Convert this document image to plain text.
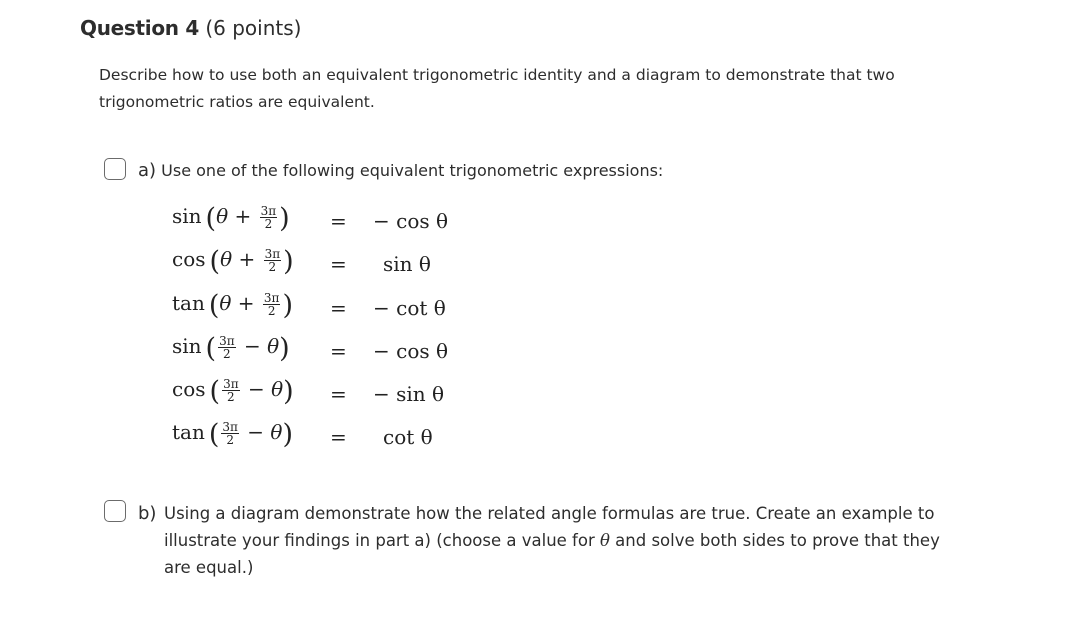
Question 4 (6 points)
Describe how to use both an equivalent trigonometric identity and a diagram to demonstrate that two trigonometric ratios are equivalent.
a) Use one of the following equivalent trigonometric expressions:
$\sin (\theta + \frac{3\pi}{2}$ ) = − cos θ
$\cos (\theta + \frac{3\pi}{2}$ ) = sin θ
$\tan (\theta + \frac{3\pi}{2}$ ) = − cot θ
sin  ( $\frac{3\pi}{2} - \theta$) = − cos θ
cos  ( $\frac{3\pi}{2} - \theta$) = − sin θ
tan  ( $\frac{3\pi}{2} - \theta) = \cot \theta$
b) Using a diagram demonstrate how the related angle formulas are true. Create an example to illustrate your findings in part a) (choose a value for θ and solve both sides to prove that they are equal.)
